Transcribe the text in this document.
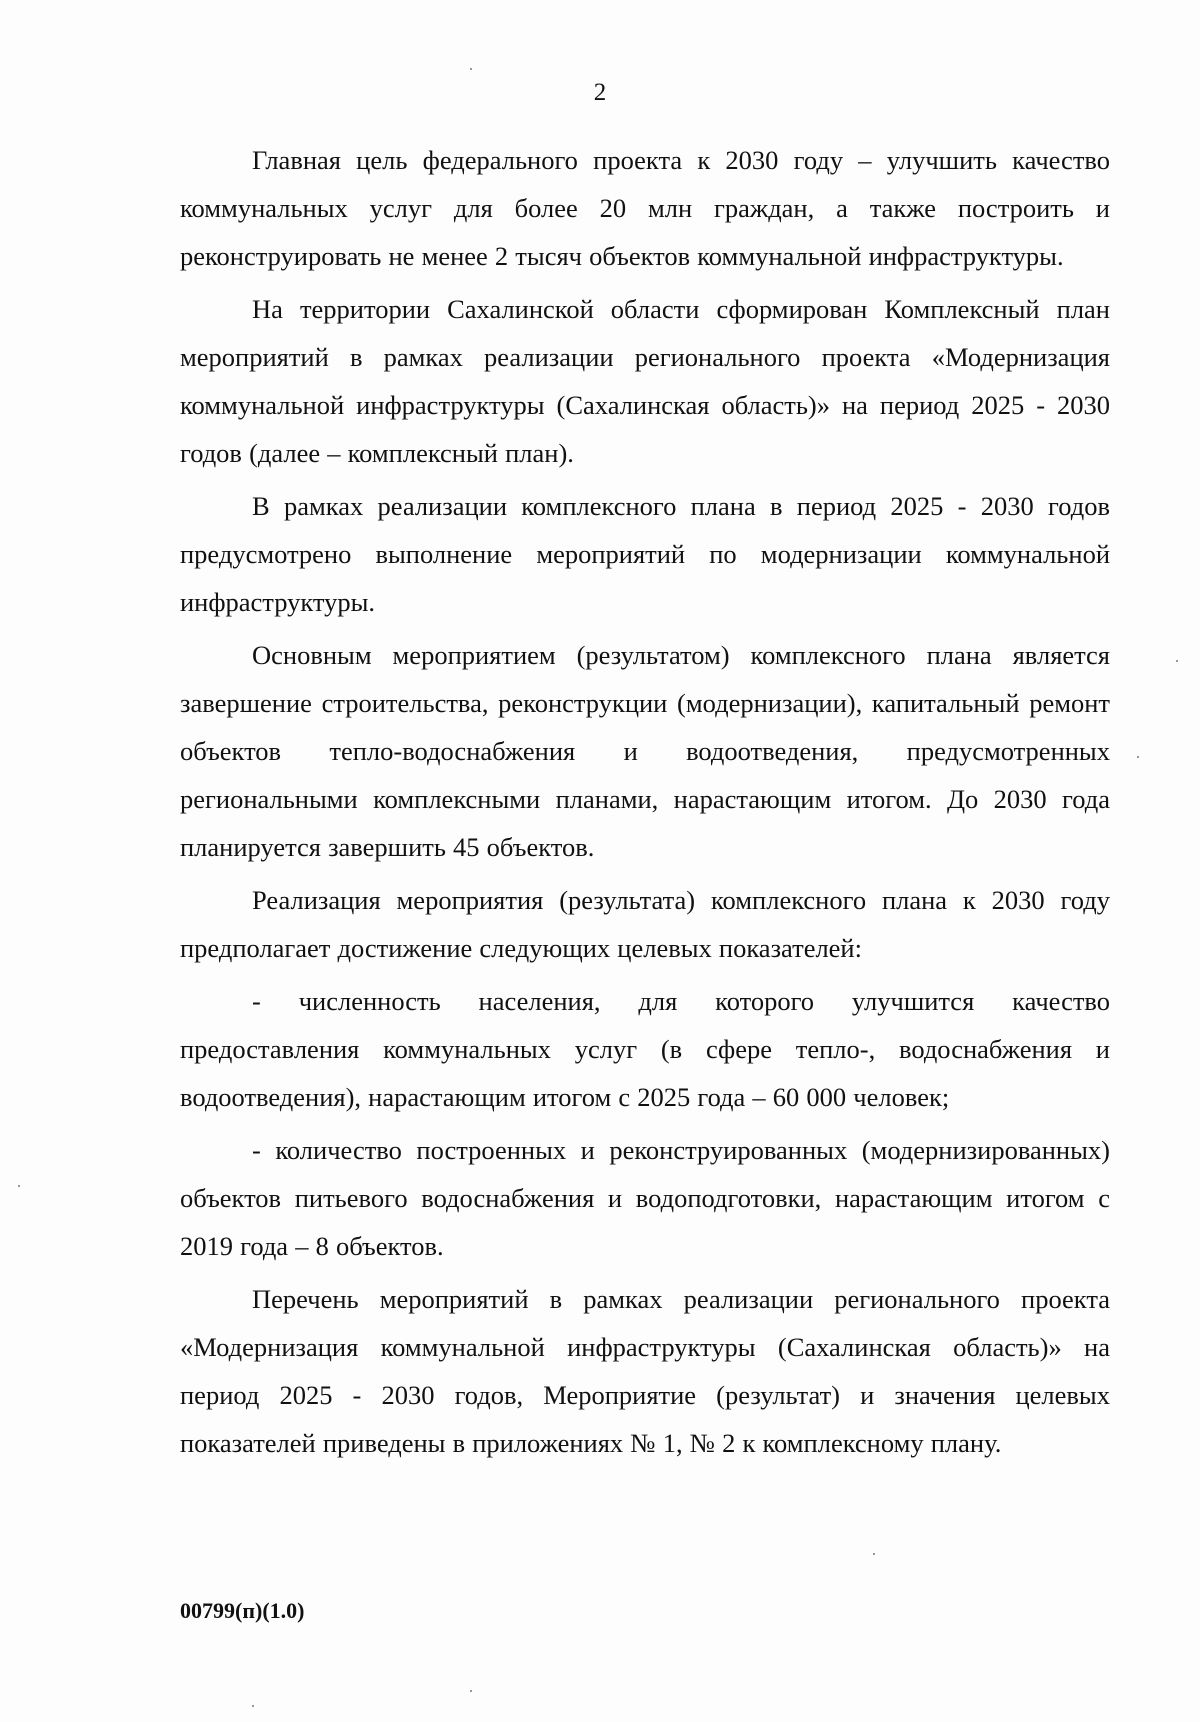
2

Главная цель федерального проекта к 2030 году – улучшить качество коммунальных услуг для более 20 млн граждан, а также построить и реконструировать не менее 2 тысяч объектов коммунальной инфраструктуры.

На территории Сахалинской области сформирован Комплексный план мероприятий в рамках реализации регионального проекта «Модернизация коммунальной инфраструктуры (Сахалинская область)» на период 2025 - 2030 годов (далее – комплексный план).

В рамках реализации комплексного плана в период 2025 - 2030 годов предусмотрено выполнение мероприятий по модернизации коммунальной инфраструктуры.

Основным мероприятием (результатом) комплексного плана является завершение строительства, реконструкции (модернизации), капитальный ремонт объектов тепло-водоснабжения и водоотведения, предусмотренных региональными комплексными планами, нарастающим итогом. До 2030 года планируется завершить 45 объектов.

Реализация мероприятия (результата) комплексного плана к 2030 году предполагает достижение следующих целевых показателей:

- численность населения, для которого улучшится качество предоставления коммунальных услуг (в сфере тепло-, водоснабжения и водоотведения), нарастающим итогом с 2025 года – 60 000 человек;

- количество построенных и реконструированных (модернизированных) объектов питьевого водоснабжения и водоподготовки, нарастающим итогом с 2019 года – 8 объектов.

Перечень мероприятий в рамках реализации регионального проекта «Модернизация коммунальной инфраструктуры (Сахалинская область)» на период 2025 - 2030 годов, Мероприятие (результат) и значения целевых показателей приведены в приложениях № 1, № 2 к комплексному плану.

00799(п)(1.0)
